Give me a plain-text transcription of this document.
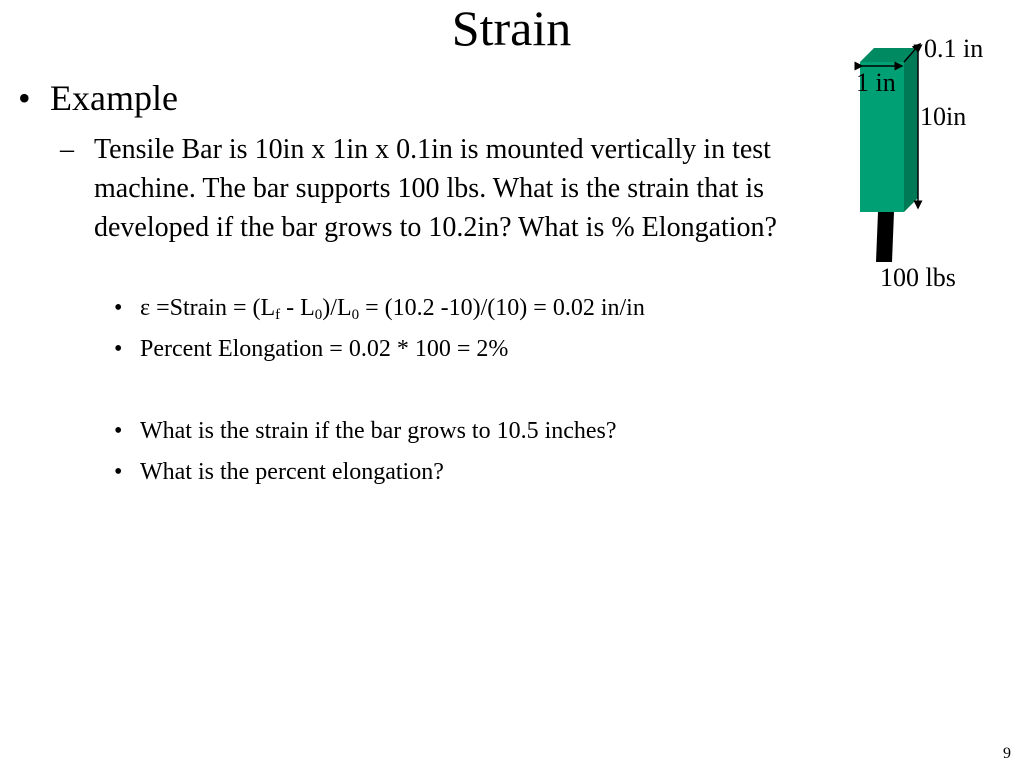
Strain
• Example
– Tensile Bar is 10in x 1in x 0.1in is mounted vertically in test machine. The bar supports 100 lbs. What is the strain that is developed if the bar grows to 10.2in? What is % Elongation?
• ε =Strain = $(L_f - L_0)/L_0 = (10.2$ -10)/(10) = 0.02 in/in
• Percent Elongation = 0.02 * 100 = 2%
• What is the strain if the bar grows to 10.5 inches?
• What is the percent elongation?
0.1 in
1 in
10in
100 lbs
9
